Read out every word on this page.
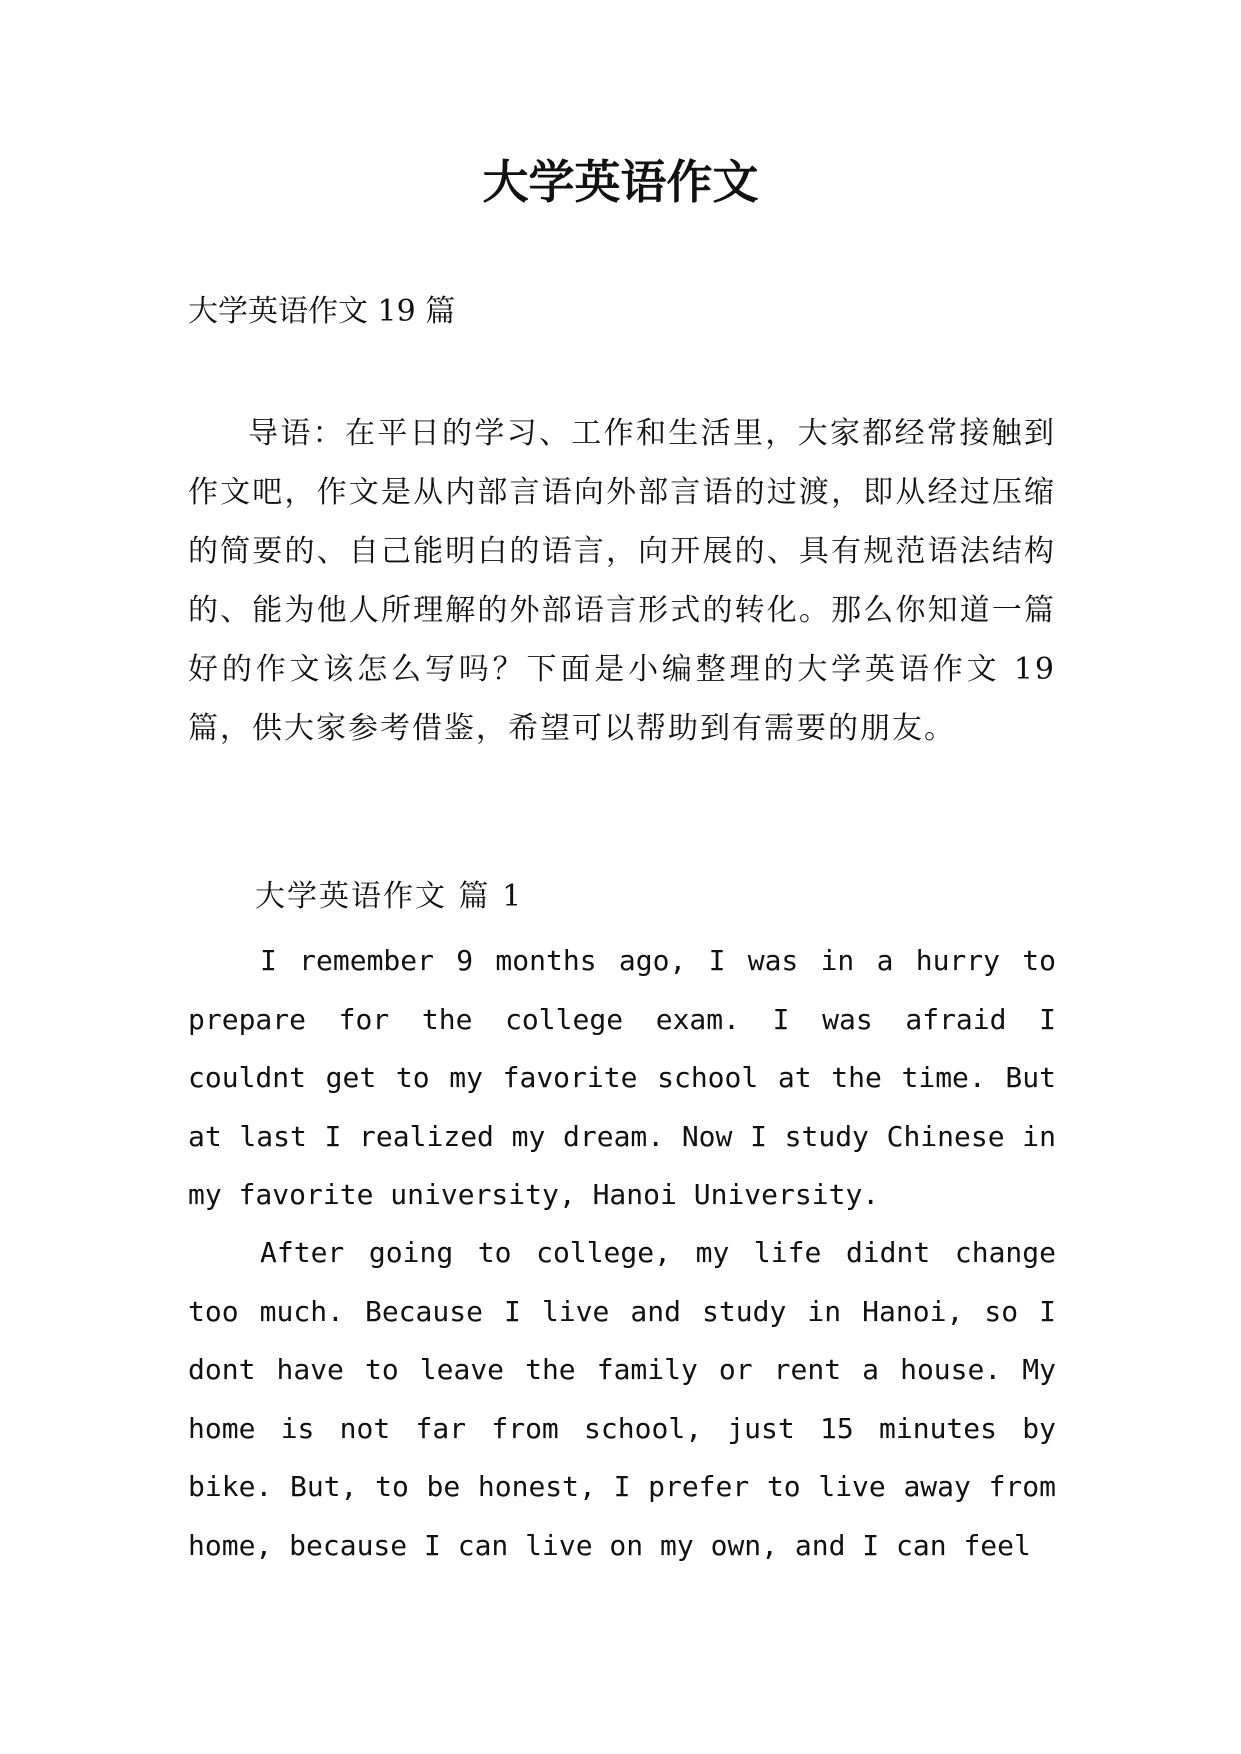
大学英语作文

大学英语作文 19 篇

导语：在平日的学习、工作和生活里，大家都经常接触到作文吧，作文是从内部言语向外部言语的过渡，即从经过压缩的简要的、自己能明白的语言，向开展的、具有规范语法结构的、能为他人所理解的外部语言形式的转化。那么你知道一篇好的作文该怎么写吗？下面是小编整理的大学英语作文 19 篇，供大家参考借鉴，希望可以帮助到有需要的朋友。

大学英语作文 篇 1

I remember 9 months ago, I was in a hurry to prepare for the college exam. I was afraid I couldnt get to my favorite school at the time. But at last I realized my dream. Now I study Chinese in my favorite university, Hanoi University.

After going to college, my life didnt change too much. Because I live and study in Hanoi, so I dont have to leave the family or rent a house. My home is not far from school, just 15 minutes by bike. But, to be honest, I prefer to live away from home, because I can live on my own, and I can feel
